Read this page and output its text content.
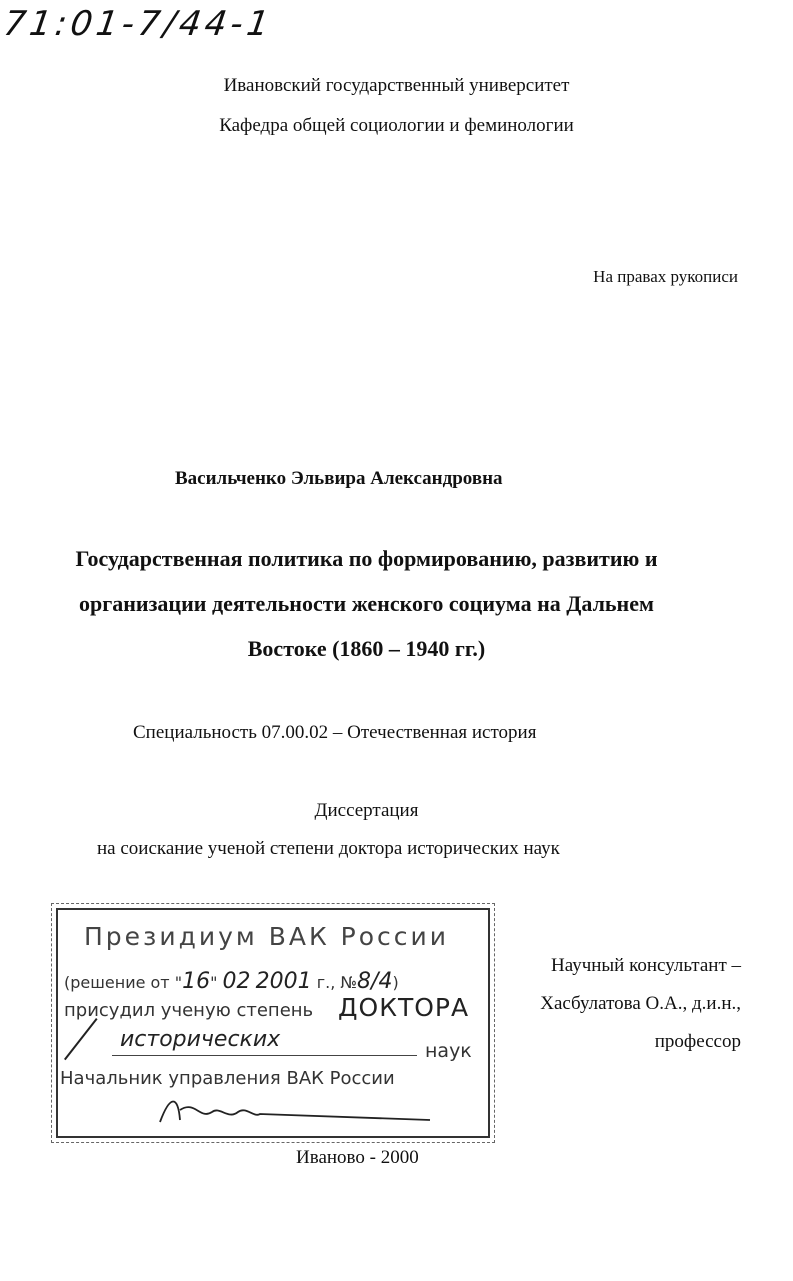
71:01-7/44-1
Ивановский государственный университет
Кафедра общей социологии и феминологии
На правах рукописи
Васильченко Эльвира Александровна
Государственная политика по формированию, развитию и
организации деятельности женского социума на Дальнем
Востоке (1860 – 1940 гг.)
Специальность 07.00.02 – Отечественная история
Диссертация
на соискание ученой степени доктора исторических наук
Президиум ВАК России
(решение от "16" 02 2001 г., №8/4)
присудил ученую степень ДОКТОРА
исторических	наук
Начальник управления ВАК России
Научный консультант –
Хасбулатова О.А., д.и.н.,
профессор
Иваново - 2000
